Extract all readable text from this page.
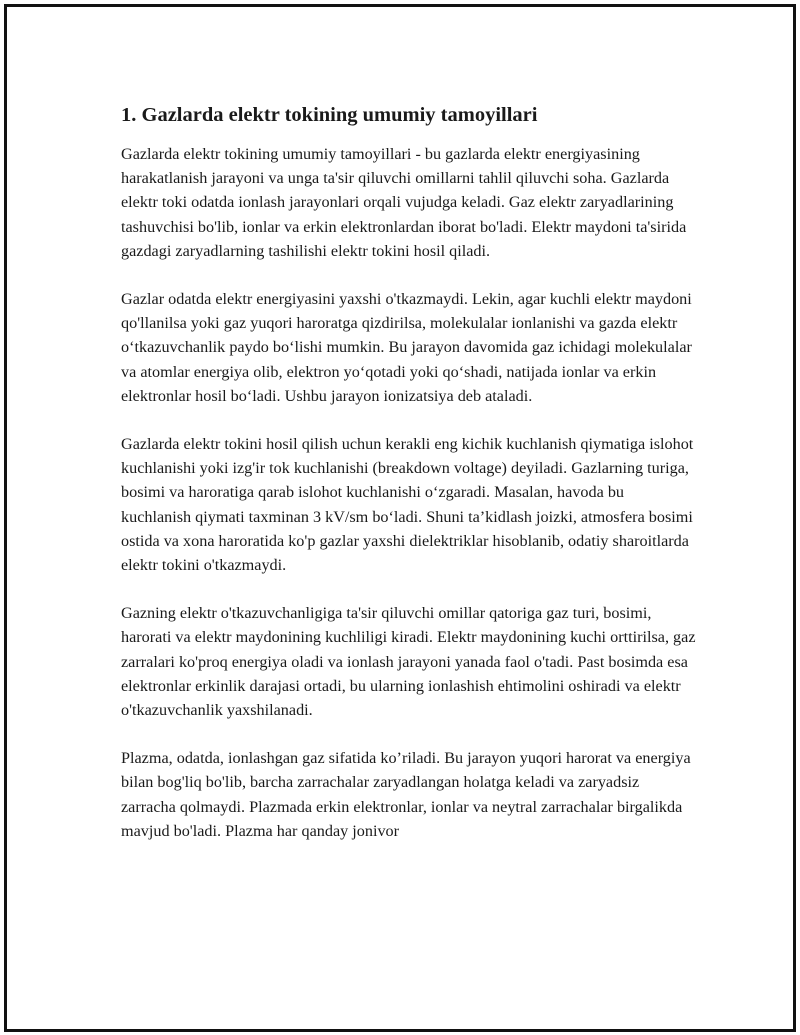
1. Gazlarda elektr tokining umumiy tamoyillari

Gazlarda elektr tokining umumiy tamoyillari - bu gazlarda elektr energiyasining harakatlanish jarayoni va unga ta'sir qiluvchi omillarni tahlil qiluvchi soha. Gazlarda elektr toki odatda ionlash jarayonlari orqali vujudga keladi. Gaz elektr zaryadlarining tashuvchisi bo'lib, ionlar va erkin elektronlardan iborat bo'ladi. Elektr maydoni ta'sirida gazdagi zaryadlarning tashilishi elektr tokini hosil qiladi.

Gazlar odatda elektr energiyasini yaxshi o'tkazmaydi. Lekin, agar kuchli elektr maydoni qo'llanilsa yoki gaz yuqori haroratga qizdirilsa, molekulalar ionlanishi va gazda elektr o‘tkazuvchanlik paydo bo‘lishi mumkin. Bu jarayon davomida gaz ichidagi molekulalar va atomlar energiya olib, elektron yo‘qotadi yoki qo‘shadi, natijada ionlar va erkin elektronlar hosil bo‘ladi. Ushbu jarayon ionizatsiya deb ataladi.

Gazlarda elektr tokini hosil qilish uchun kerakli eng kichik kuchlanish qiymatiga islohot kuchlanishi yoki izg'ir tok kuchlanishi (breakdown voltage) deyiladi. Gazlarning turiga, bosimi va haroratiga qarab islohot kuchlanishi o‘zgaradi. Masalan, havoda bu kuchlanish qiymati taxminan 3 kV/sm bo‘ladi. Shuni ta’kidlash joizki, atmosfera bosimi ostida va xona haroratida ko'p gazlar yaxshi dielektriklar hisoblanib, odatiy sharoitlarda elektr tokini o'tkazmaydi.

Gazning elektr o'tkazuvchanligiga ta'sir qiluvchi omillar qatoriga gaz turi, bosimi, harorati va elektr maydonining kuchliligi kiradi. Elektr maydonining kuchi orttirilsa, gaz zarralari ko'proq energiya oladi va ionlash jarayoni yanada faol o'tadi. Past bosimda esa elektronlar erkinlik darajasi ortadi, bu ularning ionlashish ehtimolini oshiradi va elektr o'tkazuvchanlik yaxshilanadi.

Plazma, odatda, ionlashgan gaz sifatida ko’riladi. Bu jarayon yuqori harorat va energiya bilan bog'liq bo'lib, barcha zarrachalar zaryadlangan holatga keladi va zaryadsiz zarracha qolmaydi. Plazmada erkin elektronlar, ionlar va neytral zarrachalar birgalikda mavjud bo'ladi. Plazma har qanday jonivor
